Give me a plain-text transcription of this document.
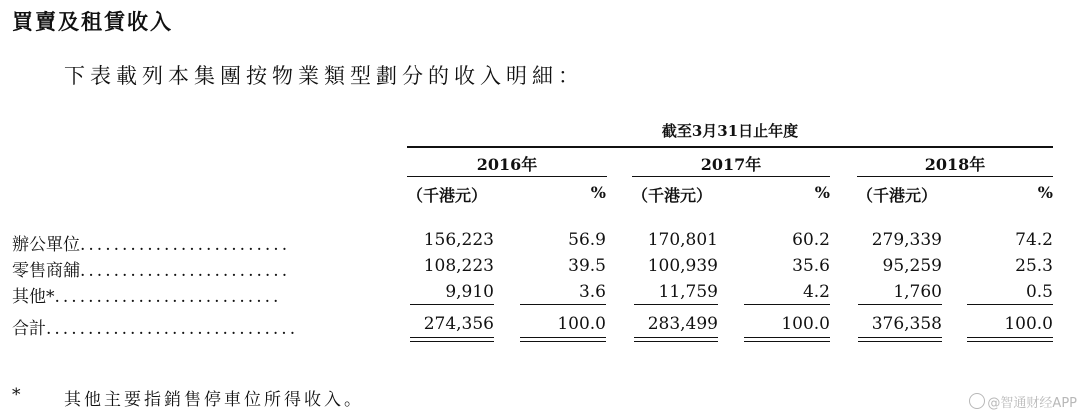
買賣及租賃收入
下表載列本集團按物業類型劃分的收入明細：
截至3月31日止年度
2016年	2017年	2018年
（千港元）	% （千港元）	% （千港元）	%
辦公單位.........................	156,223	56.9	170,801	60.2	279,339	74.2
零售商舖.........................	108,223	39.5	100,939	35.6	95,259	25.3
其他*...........................	9,910	3.6	11,759	4.2	1,760	0.5
合計..............................	274,356	100.0	283,499	100.0	376,358	100.0
*	其他主要指銷售停車位所得收入。	@智通财经APP
